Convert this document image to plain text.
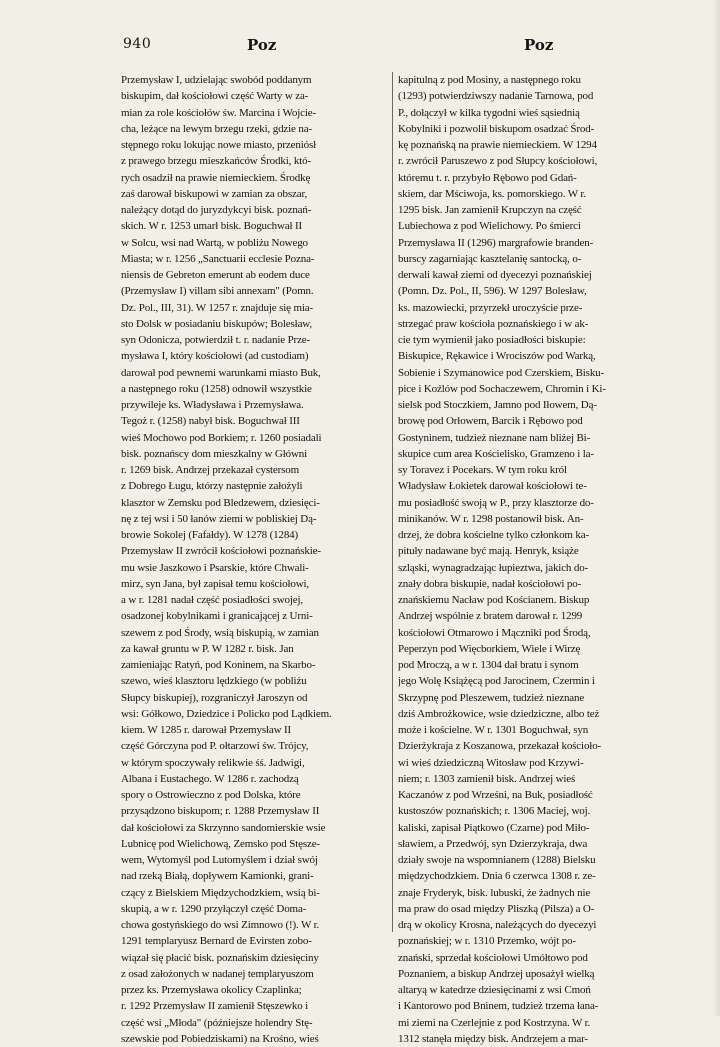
940	Poz	Poz
Przemysław I, udzielając swobód poddanym
biskupim, dał kościołowi część Warty w za-
mian za role kościołów św. Marcina i Wojcie-
cha, leżące na lewym brzegu rzeki, gdzie na-
stępnego roku lokując nowe miasto, przeniósł
z prawego brzegu mieszkańców Środki, któ-
rych osadził na prawie niemieckiem. Środkę
zaś darował biskupowi w zamian za obszar,
należący dotąd do juryzdykcyi bisk. poznań-
skich. W r. 1253 umarł bisk. Boguchwał II
w Solcu, wsi nad Wartą, w pobliżu Nowego
Miasta; w r. 1256 „Sanctuarii ecclesie Pozna-
niensis de Gebreton emerunt ab eodem duce
(Przemysław I) villam sibi annexam" (Pomn.
Dz. Pol., III, 31). W 1257 r. znajduje się mia-
sto Dolsk w posiadaniu biskupów; Bolesław,
syn Odonicza, potwierdził t. r. nadanie Prze-
mysława I, który kościołowi (ad custodiam)
darował pod pewnemi warunkami miasto Buk,
a następnego roku (1258) odnowił wszystkie
przywileje ks. Władysława i Przemysława.
Tegoż r. (1258) nabył bisk. Boguchwał III
wieś Mochowo pod Borkiem; r. 1260 posiadali
bisk. poznańscy dom mieszkalny w Główni
r. 1269 bisk. Andrzej przekazał cystersom
z Dobrego Ługu, którzy następnie założyli
klasztor w Zemsku pod Bledzewem, dziesięci-
nę z tej wsi i 50 łanów ziemi w pobliskiej Dą-
browie Sokolej (Fafałdy). W 1278 (1284)
Przemysław II zwrócił kościołowi poznańskie-
mu wsie Jaszkowo i Psarskie, które Chwali-
mirz, syn Jana, był zapisał temu kościołowi,
a w r. 1281 nadał część posiadłości swojej,
osadzonej kobylnikami i granicającej z Urni-
szewem z pod Środy, wsią biskupią, w zamian
za kawał gruntu w P. W 1282 r. bisk. Jan
zamieniając Ratyń, pod Koninem, na Skarbo-
szewo, wieś klasztoru lędzkiego (w pobliżu
Słupcy biskupiej), rozgraniczył Jaroszyn od
wsi: Gółkowo, Dziedzice i Policko pod Lądkiem.
kiem. W 1285 r. darował Przemysław II
część Górczyna pod P. ołtarzowi św. Trójcy,
w którym spoczywały relikwie śś. Jadwigi,
Albana i Eustachego. W 1286 r. zachodzą
spory o Ostrowieczno z pod Dolska, które
przysądzono biskupom; r. 1288 Przemysław II
dał kościołowi za Skrzynno sandomierskie wsie
Lubnicę pod Wielichową, Zemsko pod Stęsze-
wem, Wytomyśl pod Lutomyślem i dział swój
nad rzeką Białą, dopływem Kamionki, grani-
czący z Bielskiem Międzychodzkiem, wsią bi-
skupią, a w r. 1290 przyłączył część Doma-
chowa gostyńskiego do wsi Zimnowo (!). W r.
1291 templaryusz Bernard de Evirsten zobo-
wiązał się płacić bisk. poznańskim dziesięciny
z osad założonych w nadanej templaryuszom
przez ks. Przemysława okolicy Czaplinka;
r. 1292 Przemysław II zamienił Stęszewko i
część wsi „Młoda" (późniejsze holendry Stę-
szewskie pod Pobiedziskami) na Krośno, wieś
kapitulną z pod Mosiny, a następnego roku
(1293) potwierdziwszy nadanie Tarnowa, pod
P., dołączył w kilka tygodni wieś sąsiednią
Kobylniki i pozwolił biskupom osadzać Środ-
kę poznańską na prawie niemieckiem. W 1294
r. zwrócił Paruszewo z pod Słupcy kościołowi,
któremu t. r. przybyło Rębowo pod Gdań-
skiem, dar Mściwoja, ks. pomorskiego. W r.
1295 bisk. Jan zamienił Krupczyn na część
Lubiechowa z pod Wielichowy. Po śmierci
Przemysława II (1296) margrafowie branden-
burscy zagarniając kasztelanię santocką, o-
derwali kawał ziemi od dyecezyi poznańskiej
(Pomn. Dz. Pol., II, 596). W 1297 Bolesław,
ks. mazowiecki, przyrzekł uroczyście prze-
strzegać praw kościoła poznańskiego i w ak-
cie tym wymienił jako posiadłości biskupie:
Biskupice, Rękawice i Wrociszów pod Warką,
Sobienie i Szymanowice pod Czerskiem, Bisku-
pice i Koźlów pod Sochaczewem, Chromin i Ki-
sielsk pod Stoczkiem, Jamno pod Iłowem, Dą-
browę pod Orłowem, Barcik i Rębowo pod
Gostyninem, tudzież nieznane nam bliżej Bi-
skupice cum area Kościelisko, Gramzeno i la-
sy Toravez i Pocekars. W tym roku król
Władysław Łokietek darował kościołowi te-
mu posiadłość swoją w P., przy klasztorze do-
minikanów. W r. 1298 postanowił bisk. An-
drzej, że dobra kościelne tylko członkom ka-
pituły nadawane być mają. Henryk, książe
szląski, wynagradzając łupieztwa, jakich do-
znały dobra biskupie, nadał kościołowi po-
znańskiemu Nacław pod Kościanem. Biskup
Andrzej wspólnie z bratem darował r. 1299
kościołowi Otmarowo i Mączniki pod Środą,
Peperzyn pod Więcborkiem, Wiele i Wirzę
pod Mroczą, a w r. 1304 dał bratu i synom
jego Wolę Książęcą pod Jarocinem, Czermin i
Skrzypnę pod Pleszewem, tudzież nieznane
dziś Ambrożkowice, wsie dziedziczne, albo też
może i kościelne. W r. 1301 Boguchwał, syn
Dzierżykraja z Koszanowa, przekazał kościoło-
wi wieś dziedziczną Witosław pod Krzywi-
niem; r. 1303 zamienił bisk. Andrzej wieś
Kaczanów z pod Wrześni, na Buk, posiadłość
kustoszów poznańskich; r. 1306 Maciej, woj.
kaliski, zapisał Piątkowo (Czarne) pod Miło-
sławiem, a Przedwój, syn Dzierzykraja, dwa
działy swoje na wspomnianem (1288) Bielsku
międzychodzkiem. Dnia 6 czerwca 1308 r. ze-
znaje Fryderyk, bisk. lubuski, że żadnych nie
ma praw do osad między Pliszką (Pilsza) a O-
drą w okolicy Krosna, należących do dyecezyi
poznańskiej; w r. 1310 Przemko, wójt po-
znański, sprzedał kościołowi Umółtowo pod
Poznaniem, a biskup Andrzej uposażył wielką
altaryą w katedrze dziesięcinami z wsi Cmoń
i Kantorowo pod Bninem, tudzież trzema łana-
mi ziemi na Czerlejnie z pod Kostrzyna. W r.
1312 stanęła między bisk. Andrzejem a mar-
